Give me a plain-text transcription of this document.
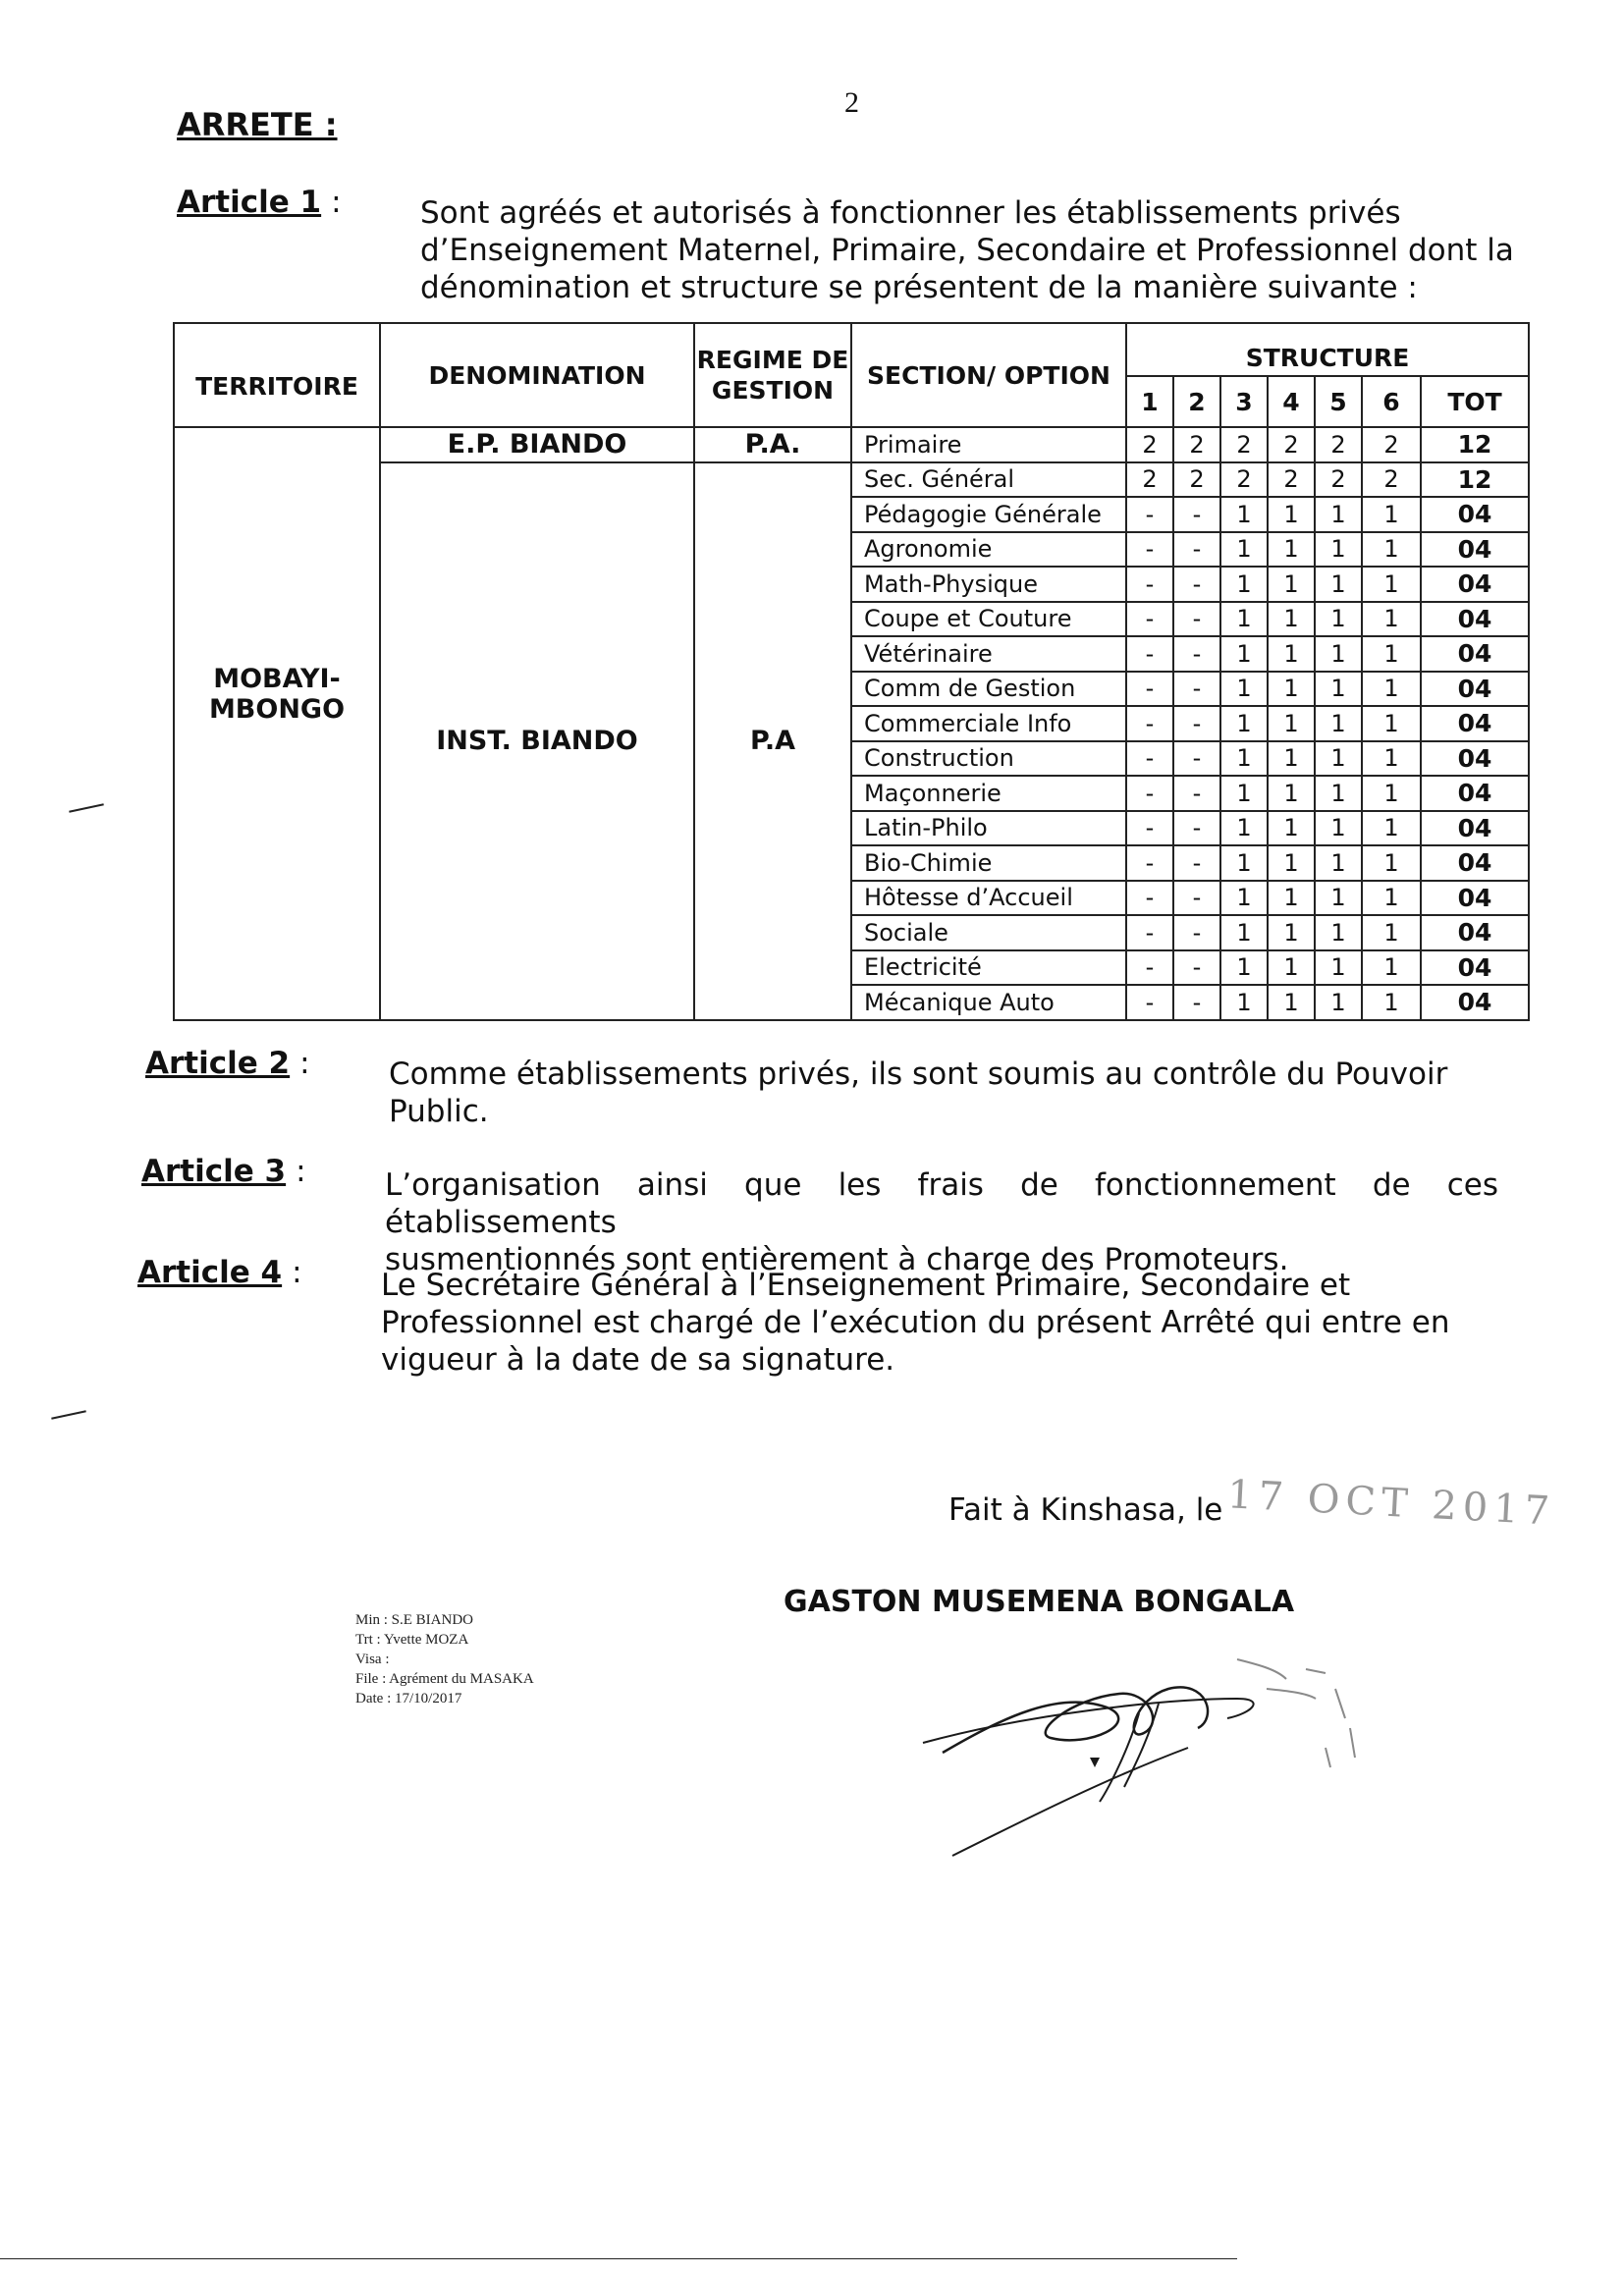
2
ARRETE :
Article 1 :	Sont agréés et autorisés à fonctionner les établissements privés
d’Enseignement Maternel, Primaire, Secondaire et Professionnel dont la
dénomination et structure se présentent de la manière suivante :
TERRITOIRE	DENOMINATION	REGIME DE GESTION	SECTION/ OPTION	STRUCTURE						
				1	2	3	4	5	6	TOT
MOBAYI-MBONGO	E.P. BIANDO	P.A.	Primaire	2	2	2	2	2	2	12
	INST. BIANDO	P.A	Sec. Général	2	2	2	2	2	2	12
			Pédagogie Générale	-	-	1	1	1	1	04
			Agronomie	-	-	1	1	1	1	04
			Math-Physique	-	-	1	1	1	1	04
			Coupe et Couture	-	-	1	1	1	1	04
			Vétérinaire	-	-	1	1	1	1	04
			Comm de Gestion	-	-	1	1	1	1	04
			Commerciale Info	-	-	1	1	1	1	04
			Construction	-	-	1	1	1	1	04
			Maçonnerie	-	-	1	1	1	1	04
			Latin-Philo	-	-	1	1	1	1	04
			Bio-Chimie	-	-	1	1	1	1	04
			Hôtesse d’Accueil	-	-	1	1	1	1	04
			Sociale	-	-	1	1	1	1	04
			Electricité	-	-	1	1	1	1	04
			Mécanique Auto	-	-	1	1	1	1	04
Article 2 :	Comme établissements privés, ils sont soumis au contrôle du Pouvoir
Public.
Article 3 :	L’organisation ainsi que les frais de fonctionnement de ces établissements
susmentionnés sont entièrement à charge des Promoteurs.
Article 4 :	Le Secrétaire Général à l’Enseignement Primaire, Secondaire et
Professionnel est chargé de l’exécution du présent Arrêté qui entre en
vigueur à la date de sa signature.
Fait à Kinshasa, le 17 OCT 2017
GASTON MUSEMENA BONGALA
Min : S.E BIANDO
Trt : Yvette MOZA
Visa :
File : Agrément du MASAKA
Date : 17/10/2017
